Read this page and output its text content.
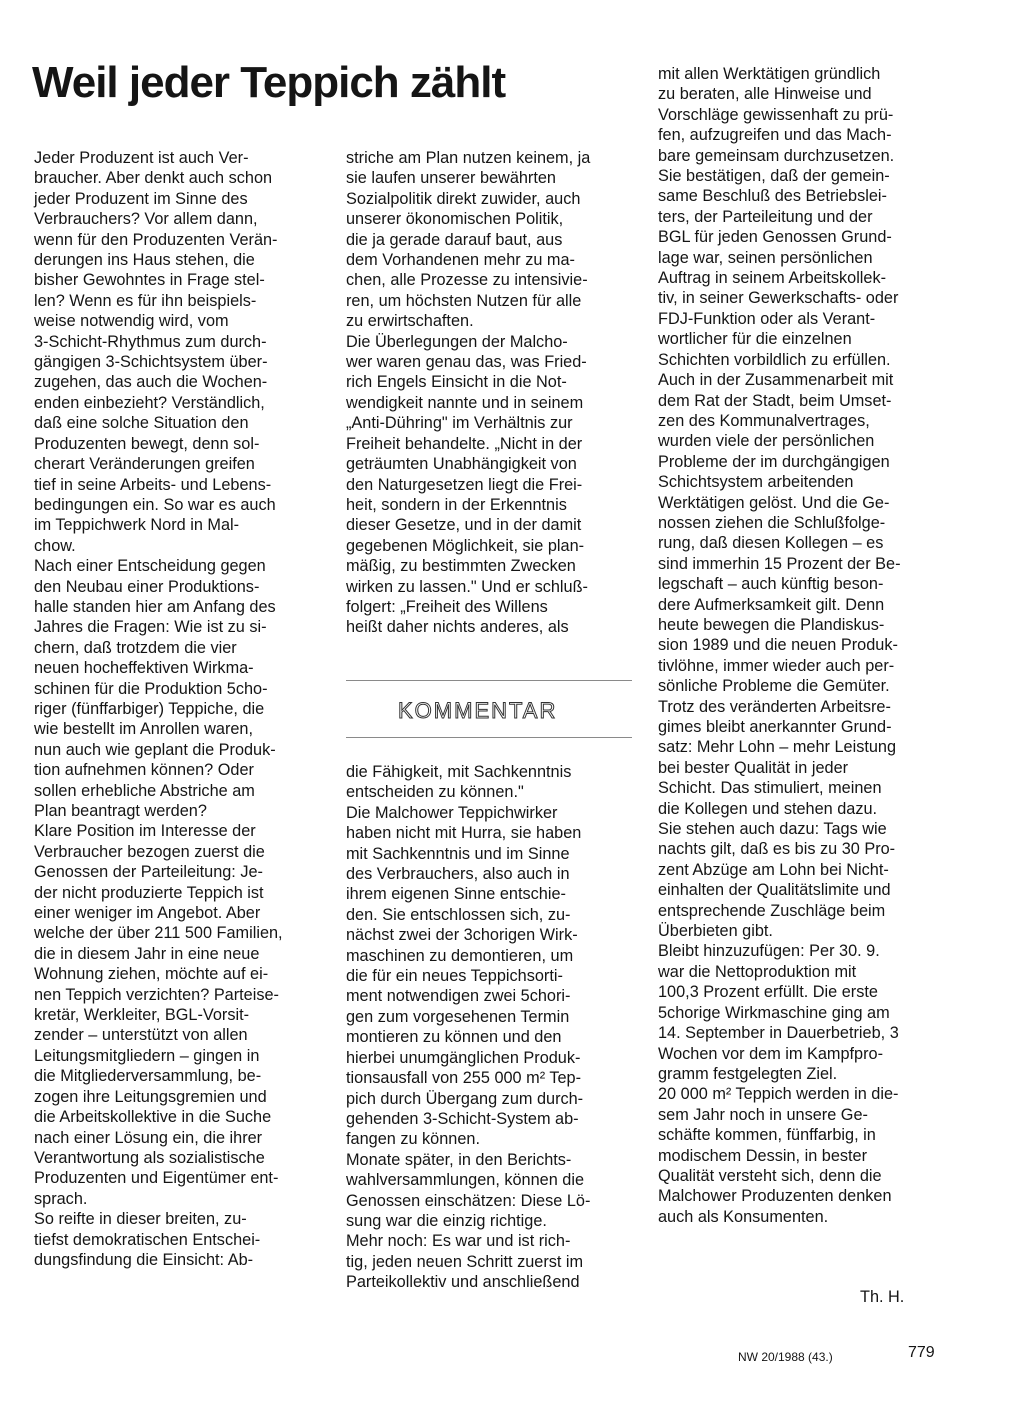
Weil jeder Teppich zählt

Jeder Produzent ist auch Ver-

braucher. Aber denkt auch schon

jeder Produzent im Sinne des

Verbrauchers? Vor allem dann,

wenn für den Produzenten Verän-

derungen ins Haus stehen, die

bisher Gewohntes in Frage stel-

len? Wenn es für ihn beispiels-

weise notwendig wird, vom

3-Schicht-Rhythmus zum durch-

gängigen 3-Schichtsystem über-

zugehen, das auch die Wochen-

enden einbezieht? Verständlich,

daß eine solche Situation den

Produzenten bewegt, denn sol-

cherart Veränderungen greifen

tief in seine Arbeits- und Lebens-

bedingungen ein. So war es auch

im Teppichwerk Nord in Mal-

chow.

Nach einer Entscheidung gegen

den Neubau einer Produktions-

halle standen hier am Anfang des

Jahres die Fragen: Wie ist zu si-

chern, daß trotzdem die vier

neuen hocheffektiven Wirkma-

schinen für die Produktion 5cho-

riger (fünffarbiger) Teppiche, die

wie bestellt im Anrollen waren,

nun auch wie geplant die Produk-

tion aufnehmen können? Oder

sollen erhebliche Abstriche am

Plan beantragt werden?

Klare Position im Interesse der

Verbraucher bezogen zuerst die

Genossen der Parteileitung: Je-

der nicht produzierte Teppich ist

einer weniger im Angebot. Aber

welche der über 211 500 Familien,

die in diesem Jahr in eine neue

Wohnung ziehen, möchte auf ei-

nen Teppich verzichten? Parteise-

kretär, Werkleiter, BGL-Vorsit-

zender – unterstützt von allen

Leitungsmitgliedern – gingen in

die Mitgliederversammlung, be-

zogen ihre Leitungsgremien und

die Arbeitskollektive in die Suche

nach einer Lösung ein, die ihrer

Verantwortung als sozialistische

Produzenten und Eigentümer ent-

sprach.

So reifte in dieser breiten, zu-

tiefst demokratischen Entschei-

dungsfindung die Einsicht: Ab-

striche am Plan nutzen keinem, ja

sie laufen unserer bewährten

Sozialpolitik direkt zuwider, auch

unserer ökonomischen Politik,

die ja gerade darauf baut, aus

dem Vorhandenen mehr zu ma-

chen, alle Prozesse zu intensivie-

ren, um höchsten Nutzen für alle

zu erwirtschaften.

Die Überlegungen der Malcho-

wer waren genau das, was Fried-

rich Engels Einsicht in die Not-

wendigkeit nannte und in seinem

„Anti-Dühring" im Verhältnis zur

Freiheit behandelte. „Nicht in der

geträumten Unabhängigkeit von

den Naturgesetzen liegt die Frei-

heit, sondern in der Erkenntnis

dieser Gesetze, und in der damit

gegebenen Möglichkeit, sie plan-

mäßig, zu bestimmten Zwecken

wirken zu lassen." Und er schluß-

folgert: „Freiheit des Willens

heißt daher nichts anderes, als

KOMMENTAR

die Fähigkeit, mit Sachkenntnis

entscheiden zu können."

Die Malchower Teppichwirker

haben nicht mit Hurra, sie haben

mit Sachkenntnis und im Sinne

des Verbrauchers, also auch in

ihrem eigenen Sinne entschie-

den. Sie entschlossen sich, zu-

nächst zwei der 3chorigen Wirk-

maschinen zu demontieren, um

die für ein neues Teppichsorti-

ment notwendigen zwei 5chori-

gen zum vorgesehenen Termin

montieren zu können und den

hierbei unumgänglichen Produk-

tionsausfall von 255 000 m² Tep-

pich durch Übergang zum durch-

gehenden 3-Schicht-System ab-

fangen zu können.

Monate später, in den Berichts-

wahlversammlungen, können die

Genossen einschätzen: Diese Lö-

sung war die einzig richtige.

Mehr noch: Es war und ist rich-

tig, jeden neuen Schritt zuerst im

Parteikollektiv und anschließend

mit allen Werktätigen gründlich

zu beraten, alle Hinweise und

Vorschläge gewissenhaft zu prü-

fen, aufzugreifen und das Mach-

bare gemeinsam durchzusetzen.

Sie bestätigen, daß der gemein-

same Beschluß des Betriebslei-

ters, der Parteileitung und der

BGL für jeden Genossen Grund-

lage war, seinen persönlichen

Auftrag in seinem Arbeitskollek-

tiv, in seiner Gewerkschafts- oder

FDJ-Funktion oder als Verant-

wortlicher für die einzelnen

Schichten vorbildlich zu erfüllen.

Auch in der Zusammenarbeit mit

dem Rat der Stadt, beim Umset-

zen des Kommunalvertrages,

wurden viele der persönlichen

Probleme der im durchgängigen

Schichtsystem arbeitenden

Werktätigen gelöst. Und die Ge-

nossen ziehen die Schlußfolge-

rung, daß diesen Kollegen – es

sind immerhin 15 Prozent der Be-

legschaft – auch künftig beson-

dere Aufmerksamkeit gilt. Denn

heute bewegen die Plandiskus-

sion 1989 und die neuen Produk-

tivlöhne, immer wieder auch per-

sönliche Probleme die Gemüter.

Trotz des veränderten Arbeitsre-

gimes bleibt anerkannter Grund-

satz: Mehr Lohn – mehr Leistung

bei bester Qualität in jeder

Schicht. Das stimuliert, meinen

die Kollegen und stehen dazu.

Sie stehen auch dazu: Tags wie

nachts gilt, daß es bis zu 30 Pro-

zent Abzüge am Lohn bei Nicht-

einhalten der Qualitätslimite und

entsprechende Zuschläge beim

Überbieten gibt.

Bleibt hinzuzufügen: Per 30. 9.

war die Nettoproduktion mit

100,3 Prozent erfüllt. Die erste

5chorige Wirkmaschine ging am

14. September in Dauerbetrieb, 3

Wochen vor dem im Kampfpro-

gramm festgelegten Ziel.

20 000 m² Teppich werden in die-

sem Jahr noch in unsere Ge-

schäfte kommen, fünffarbig, in

modischem Dessin, in bester

Qualität versteht sich, denn die

Malchower Produzenten denken

auch als Konsumenten.

Th. H.

NW 20/1988 (43.)	779
